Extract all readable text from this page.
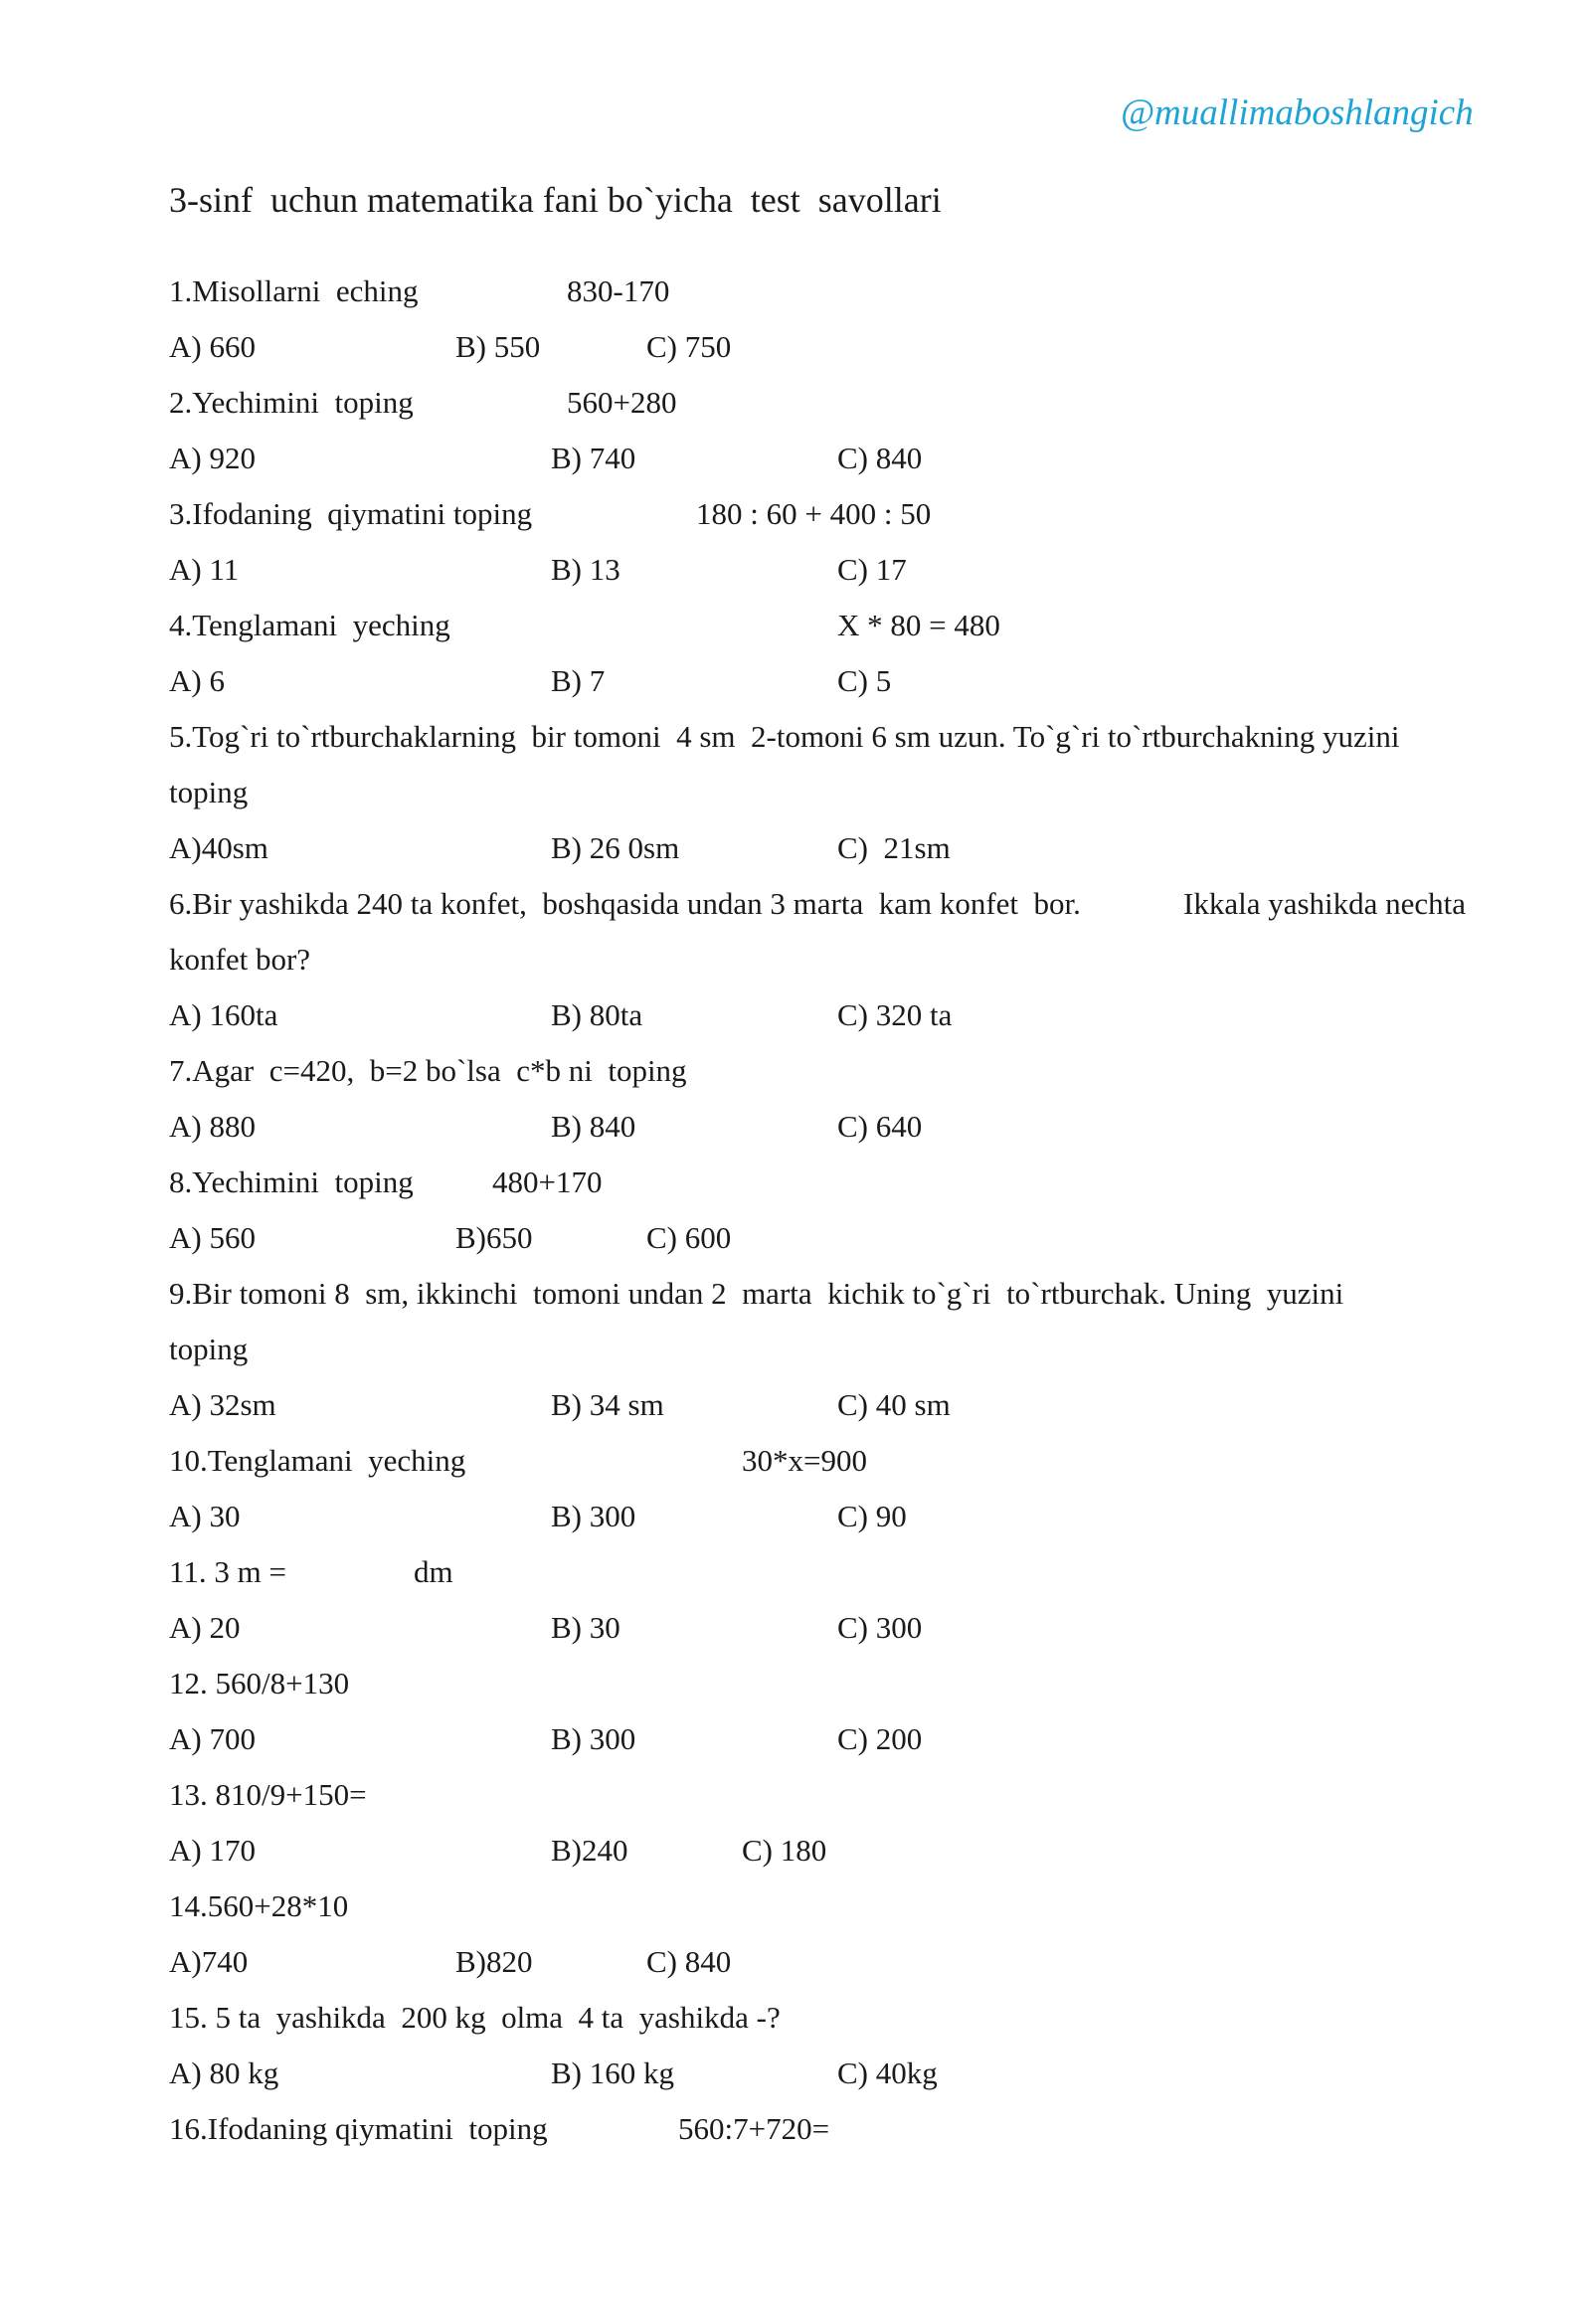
@muallimaboshlangich
3-sinf  uchun matematika fani bo`yicha  test  savollari

1.Misollarni  eching

	830-170

A) 660

	B) 550

	C) 750

2.Yechimini  toping

	560+280

A) 920

	B) 740

	C) 840

3.Ifodaning  qiymatini toping

	180 : 60 + 400 : 50

A) 11

	B) 13

	C) 17

4.Tenglamani  yeching

	X * 80 = 480

A) 6

	B) 7

	C) 5

5.Tog`ri to`rtburchaklarning  bir tomoni  4 sm  2-tomoni 6 sm uzun. To`g`ri to`rtburchakning yuzini

toping

A)40sm

	B) 26 0sm

	C)  21sm

6.Bir yashikda 240 ta konfet,  boshqasida undan 3 marta  kam konfet  bor.

	Ikkala yashikda nechta

konfet bor?

A) 160ta

	B) 80ta

	C) 320 ta

7.Agar  c=420,  b=2 bo`lsa  c*b ni  toping

A) 880

	B) 840

	C) 640

8.Yechimini  toping

	480+170

A) 560

	B)650

	C) 600

9.Bir tomoni 8  sm, ikkinchi  tomoni undan 2  marta  kichik to`g`ri  to`rtburchak. Uning  yuzini

toping

A) 32sm

	B) 34 sm

	C) 40 sm

10.Tenglamani  yeching

	30*x=900

A) 30

	B) 300

	C) 90

11. 3 m =

	dm

A) 20

	B) 30

	C) 300

12. 560/8+130

A) 700

	B) 300

	C) 200

13. 810/9+150=

A) 170

	B)240

	C) 180

14.560+28*10

A)740

	B)820

	C) 840

15. 5 ta  yashikda  200 kg  olma  4 ta  yashikda -?

A) 80 kg

	B) 160 kg

	C) 40kg

16.Ifodaning qiymatini  toping

	560:7+720=
